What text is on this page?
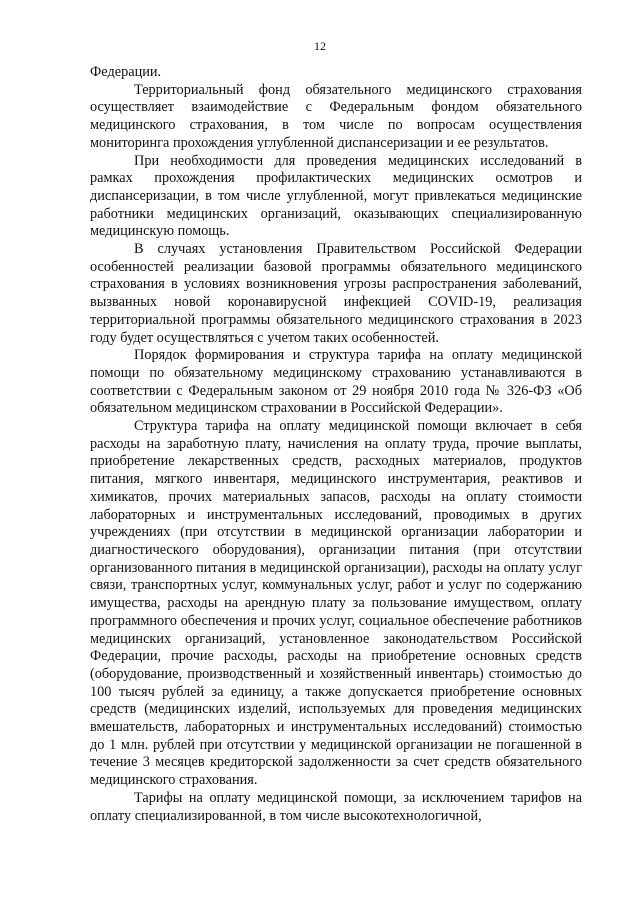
12

Федерации.

Территориальный фонд обязательного медицинского страхования осуществляет взаимодействие с Федеральным фондом обязательного медицинского страхования, в том числе по вопросам осуществления мониторинга прохождения углубленной диспансеризации и ее результатов.

При необходимости для проведения медицинских исследований в рамках прохождения профилактических медицинских осмотров и диспансеризации, в том числе углубленной, могут привлекаться медицинские работники медицинских организаций, оказывающих специализированную медицинскую помощь.

В случаях установления Правительством Российской Федерации особенностей реализации базовой программы обязательного медицинского страхования в условиях возникновения угрозы распространения заболеваний, вызванных новой коронавирусной инфекцией COVID-19, реализация территориальной программы обязательного медицинского страхования в 2023 году будет осуществляться с учетом таких особенностей.

Порядок формирования и структура тарифа на оплату медицинской помощи по обязательному медицинскому страхованию устанавливаются в соответствии с Федеральным законом от 29 ноября 2010 года № 326-ФЗ «Об обязательном медицинском страховании в Российской Федерации».

Структура тарифа на оплату медицинской помощи включает в себя расходы на заработную плату, начисления на оплату труда, прочие выплаты, приобретение лекарственных средств, расходных материалов, продуктов питания, мягкого инвентаря, медицинского инструментария, реактивов и химикатов, прочих материальных запасов, расходы на оплату стоимости лабораторных и инструментальных исследований, проводимых в других учреждениях (при отсутствии в медицинской организации лаборатории и диагностического оборудования), организации питания (при отсутствии организованного питания в медицинской организации), расходы на оплату услуг связи, транспортных услуг, коммунальных услуг, работ и услуг по содержанию имущества, расходы на арендную плату за пользование имуществом, оплату программного обеспечения и прочих услуг, социальное обеспечение работников медицинских организаций, установленное законодательством Российской Федерации, прочие расходы, расходы на приобретение основных средств (оборудование, производственный и хозяйственный инвентарь) стоимостью до 100 тысяч рублей за единицу, а также допускается приобретение основных средств (медицинских изделий, используемых для проведения медицинских вмешательств, лабораторных и инструментальных исследований) стоимостью до 1 млн. рублей при отсутствии у медицинской организации не погашенной в течение 3 месяцев кредиторской задолженности за счет средств обязательного медицинского страхования.

Тарифы на оплату медицинской помощи, за исключением тарифов на оплату специализированной, в том числе высокотехнологичной,
